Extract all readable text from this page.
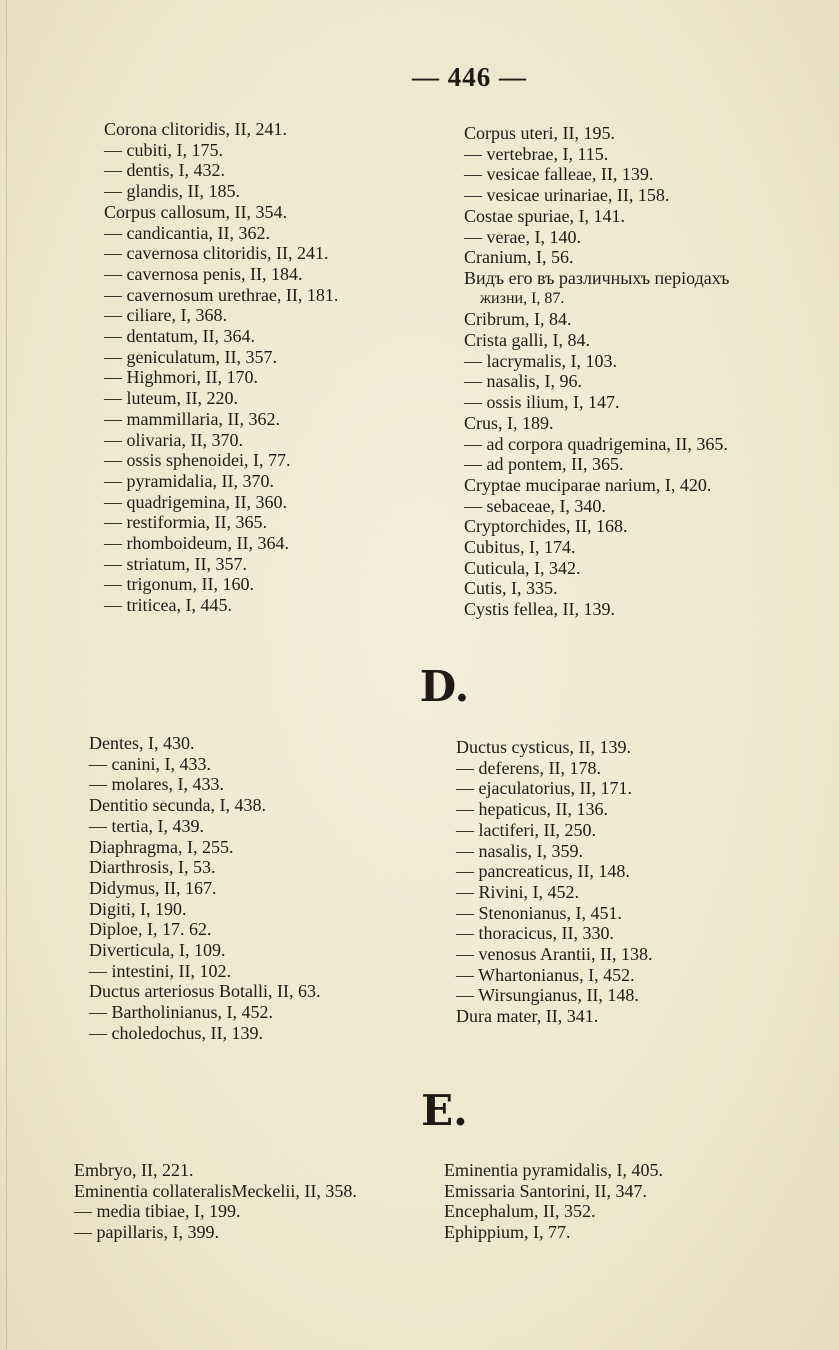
— 446 —
Corona clitoridis, II, 241.
— cubiti, I, 175.
— dentis, I, 432.
— glandis, II, 185.
Corpus callosum, II, 354.
— candicantia, II, 362.
— cavernosa clitoridis, II, 241.
— cavernosa penis, II, 184.
— cavernosum urethrae, II, 181.
— ciliare, I, 368.
— dentatum, II, 364.
— geniculatum, II, 357.
— Highmori, II, 170.
— luteum, II, 220.
— mammillaria, II, 362.
— olivaria, II, 370.
— ossis sphenoidei, I, 77.
— pyramidalia, II, 370.
— quadrigemina, II, 360.
— restiformia, II, 365.
— rhomboideum, II, 364.
— striatum, II, 357.
— trigonum, II, 160.
— triticea, I, 445.
Corpus uteri, II, 195.
— vertebrae, I, 115.
— vesicae falleae, II, 139.
— vesicae urinariae, II, 158.
Costae spuriae, I, 141.
— verae, I, 140.
Cranium, I, 56.
Видъ его въ различныхъ періодахъ
жизни, I, 87.
Cribrum, I, 84.
Crista galli, I, 84.
— lacrymalis, I, 103.
— nasalis, I, 96.
— ossis ilium, I, 147.
Crus, I, 189.
— ad corpora quadrigemina, II, 365.
— ad pontem, II, 365.
Cryptae muciparae narium, I, 420.
— sebaceae, I, 340.
Cryptorchides, II, 168.
Cubitus, I, 174.
Cuticula, I, 342.
Cutis, I, 335.
Cystis fellea, II, 139.
D.
Dentes, I, 430.
— canini, I, 433.
— molares, I, 433.
Dentitio secunda, I, 438.
— tertia, I, 439.
Diaphragma, I, 255.
Diarthrosis, I, 53.
Didymus, II, 167.
Digiti, I, 190.
Diploe, I, 17. 62.
Diverticula, I, 109.
— intestini, II, 102.
Ductus arteriosus Botalli, II, 63.
— Bartholinianus, I, 452.
— choledochus, II, 139.
Ductus cysticus, II, 139.
— deferens, II, 178.
— ejaculatorius, II, 171.
— hepaticus, II, 136.
— lactiferi, II, 250.
— nasalis, I, 359.
— pancreaticus, II, 148.
— Rivini, I, 452.
— Stenonianus, I, 451.
— thoracicus, II, 330.
— venosus Arantii, II, 138.
— Whartonianus, I, 452.
— Wirsungianus, II, 148.
Dura mater, II, 341.
E.
Embryo, II, 221.
Eminentia collateralisMeckelii, II, 358.
— media tibiae, I, 199.
— papillaris, I, 399.
Eminentia pyramidalis, I, 405.
Emissaria Santorini, II, 347.
Encephalum, II, 352.
Ephippium, I, 77.
